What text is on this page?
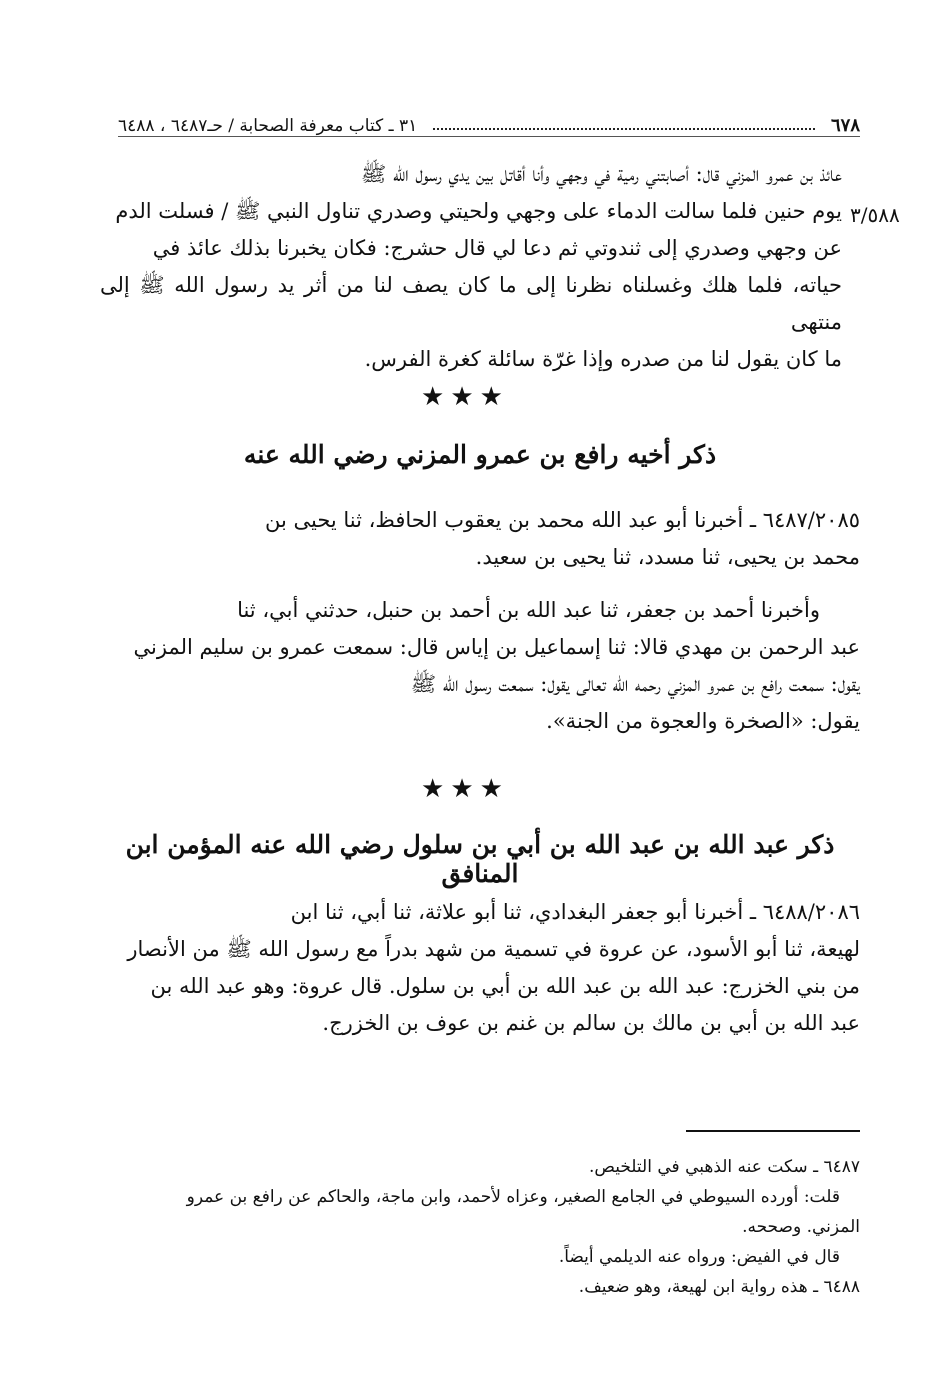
٦٧٨
٣١ ـ كتاب معرفة الصحابة / حـ٦٤٨٧ ، ٦٤٨٨
٣/٥٨٨
عائذ بن عمرو المزني قال: أصابتني رمية في وجهي وأنا أقاتل بين يدي رسول الله ﷺ
يوم حنين فلما سالت الدماء على وجهي ولحيتي وصدري تناول النبي ﷺ / فسلت الدم
عن وجهي وصدري إلى ثندوتي ثم دعا لي قال حشرج: فكان يخبرنا بذلك عائذ في
حياته، فلما هلك وغسلناه نظرنا إلى ما كان يصف لنا من أثر يد رسول الله ﷺ إلى منتهى
ما كان يقول لنا من صدره وإذا غرّة سائلة كغرة الفرس.
★★★
ذكر أخيه رافع بن عمرو المزني رضي الله عنه
٦٤٨٧/٢٠٨٥ ـ أخبرنا أبو عبد الله محمد بن يعقوب الحافظ، ثنا يحيى بن
محمد بن يحيى، ثنا مسدد، ثنا يحيى بن سعيد.
وأخبرنا أحمد بن جعفر، ثنا عبد الله بن أحمد بن حنبل، حدثني أبي، ثنا
عبد الرحمن بن مهدي قالا: ثنا إسماعيل بن إياس قال: سمعت عمرو بن سليم المزني
يقول: سمعت رافع بن عمرو المزني رحمه الله تعالى يقول: سمعت رسول الله ﷺ
يقول: «الصخرة والعجوة من الجنة».
★★★
ذكر عبد الله بن عبد الله بن أبي بن سلول رضي الله عنه المؤمن ابن المنافق
٦٤٨٨/٢٠٨٦ ـ أخبرنا أبو جعفر البغدادي، ثنا أبو علاثة، ثنا أبي، ثنا ابن
لهيعة، ثنا أبو الأسود، عن عروة في تسمية من شهد بدراً مع رسول الله ﷺ من الأنصار
من بني الخزرج: عبد الله بن عبد الله بن أبي بن سلول. قال عروة: وهو عبد الله بن
عبد الله بن أبي بن مالك بن سالم بن غنم بن عوف بن الخزرج.
٦٤٨٧ ـ سكت عنه الذهبي في التلخيص.
قلت: أورده السيوطي في الجامع الصغير، وعزاه لأحمد، وابن ماجة، والحاكم عن رافع بن عمرو
المزني. وصححه.
قال في الفيض: ورواه عنه الديلمي أيضاً.
٦٤٨٨ ـ هذه رواية ابن لهيعة، وهو ضعيف.
